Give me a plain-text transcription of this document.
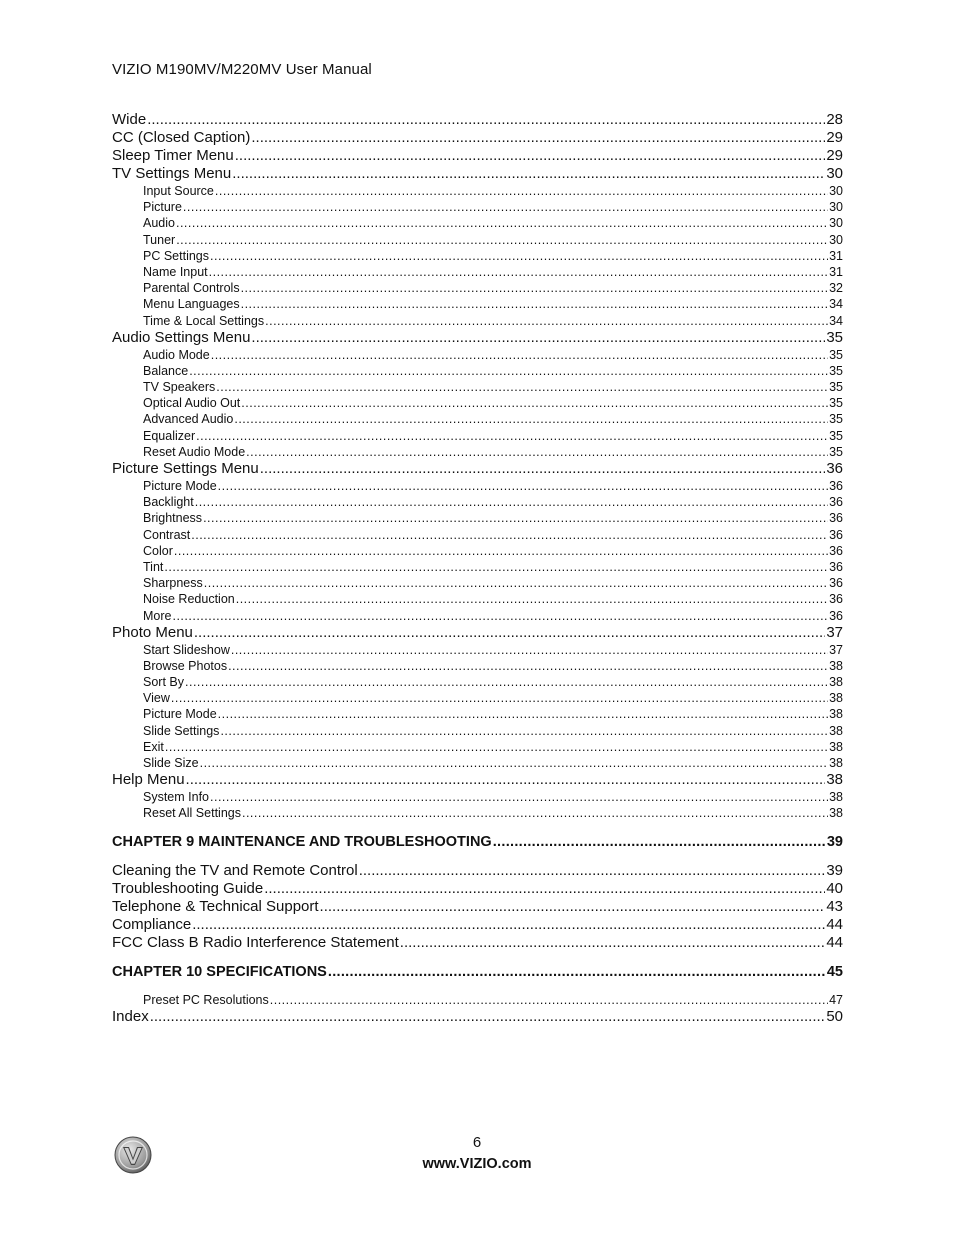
VIZIO M190MV/M220MV User Manual
Wide .....	28
CC (Closed Caption) .....	29
Sleep Timer Menu .....	29
TV Settings Menu .....	30
Input Source .....	30
Picture .....	30
Audio .....	30
Tuner .....	30
PC Settings .....	31
Name Input .....	31
Parental Controls .....	32
Menu Languages .....	34
Time & Local Settings .....	34
Audio Settings Menu .....	35
Audio Mode .....	35
Balance .....	35
TV Speakers .....	35
Optical Audio Out .....	35
Advanced Audio .....	35
Equalizer .....	35
Reset Audio Mode .....	35
Picture Settings Menu .....	36
Picture Mode .....	36
Backlight .....	36
Brightness .....	36
Contrast .....	36
Color .....	36
Tint .....	36
Sharpness .....	36
Noise Reduction .....	36
More .....	36
Photo Menu .....	37
Start Slideshow .....	37
Browse Photos .....	38
Sort By .....	38
View .....	38
Picture Mode .....	38
Slide Settings .....	38
Exit .....	38
Slide Size .....	38
Help Menu .....	38
System Info .....	38
Reset All Settings .....	38
CHAPTER 9 MAINTENANCE AND TROUBLESHOOTING .....	39
Cleaning the TV and Remote Control .....	39
Troubleshooting Guide .....	40
Telephone & Technical Support .....	43
Compliance .....	44
FCC Class B Radio Interference Statement .....	44
CHAPTER 10 SPECIFICATIONS .....	45
Preset PC Resolutions .....	47
Index .....	50
6
www.VIZIO.com
